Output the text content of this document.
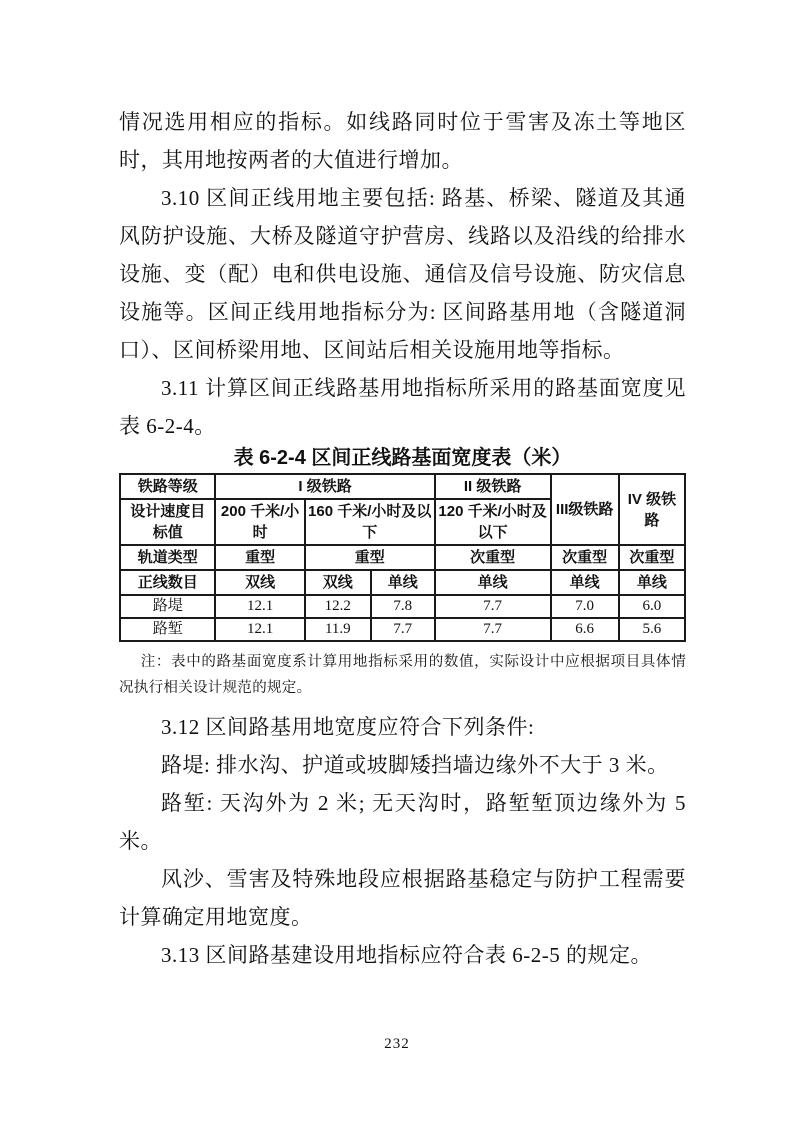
情况选用相应的指标。如线路同时位于雪害及冻土等地区时，其用地按两者的大值进行增加。

3.10 区间正线用地主要包括: 路基、桥梁、隧道及其通风防护设施、大桥及隧道守护营房、线路以及沿线的给排水设施、变（配）电和供电设施、通信及信号设施、防灾信息设施等。区间正线用地指标分为: 区间路基用地（含隧道洞口）、区间桥梁用地、区间站后相关设施用地等指标。

3.11 计算区间正线路基用地指标所采用的路基面宽度见表 6-2-4。

表 6-2-4 区间正线路基面宽度表（米）
铁路等级	I 级铁路			II 级铁路	III级铁路	IV 级铁路
设计速度目标值	200 千米/小时	160 千米/小时及以下		120 千米/小时及以下		
轨道类型	重型	重型		次重型	次重型	次重型
正线数目	双线	双线	单线	单线	单线	单线
路堤	12.1	12.2	7.8	7.7	7.0	6.0
路堑	12.1	11.9	7.7	7.7	6.6	5.6

注：表中的路基面宽度系计算用地指标采用的数值，实际设计中应根据项目具体情况执行相关设计规范的规定。

3.12 区间路基用地宽度应符合下列条件:

路堤: 排水沟、护道或坡脚矮挡墙边缘外不大于 3 米。

路堑: 天沟外为 2 米; 无天沟时，路堑堑顶边缘外为 5 米。

风沙、雪害及特殊地段应根据路基稳定与防护工程需要计算确定用地宽度。

3.13 区间路基建设用地指标应符合表 6-2-5 的规定。

232
